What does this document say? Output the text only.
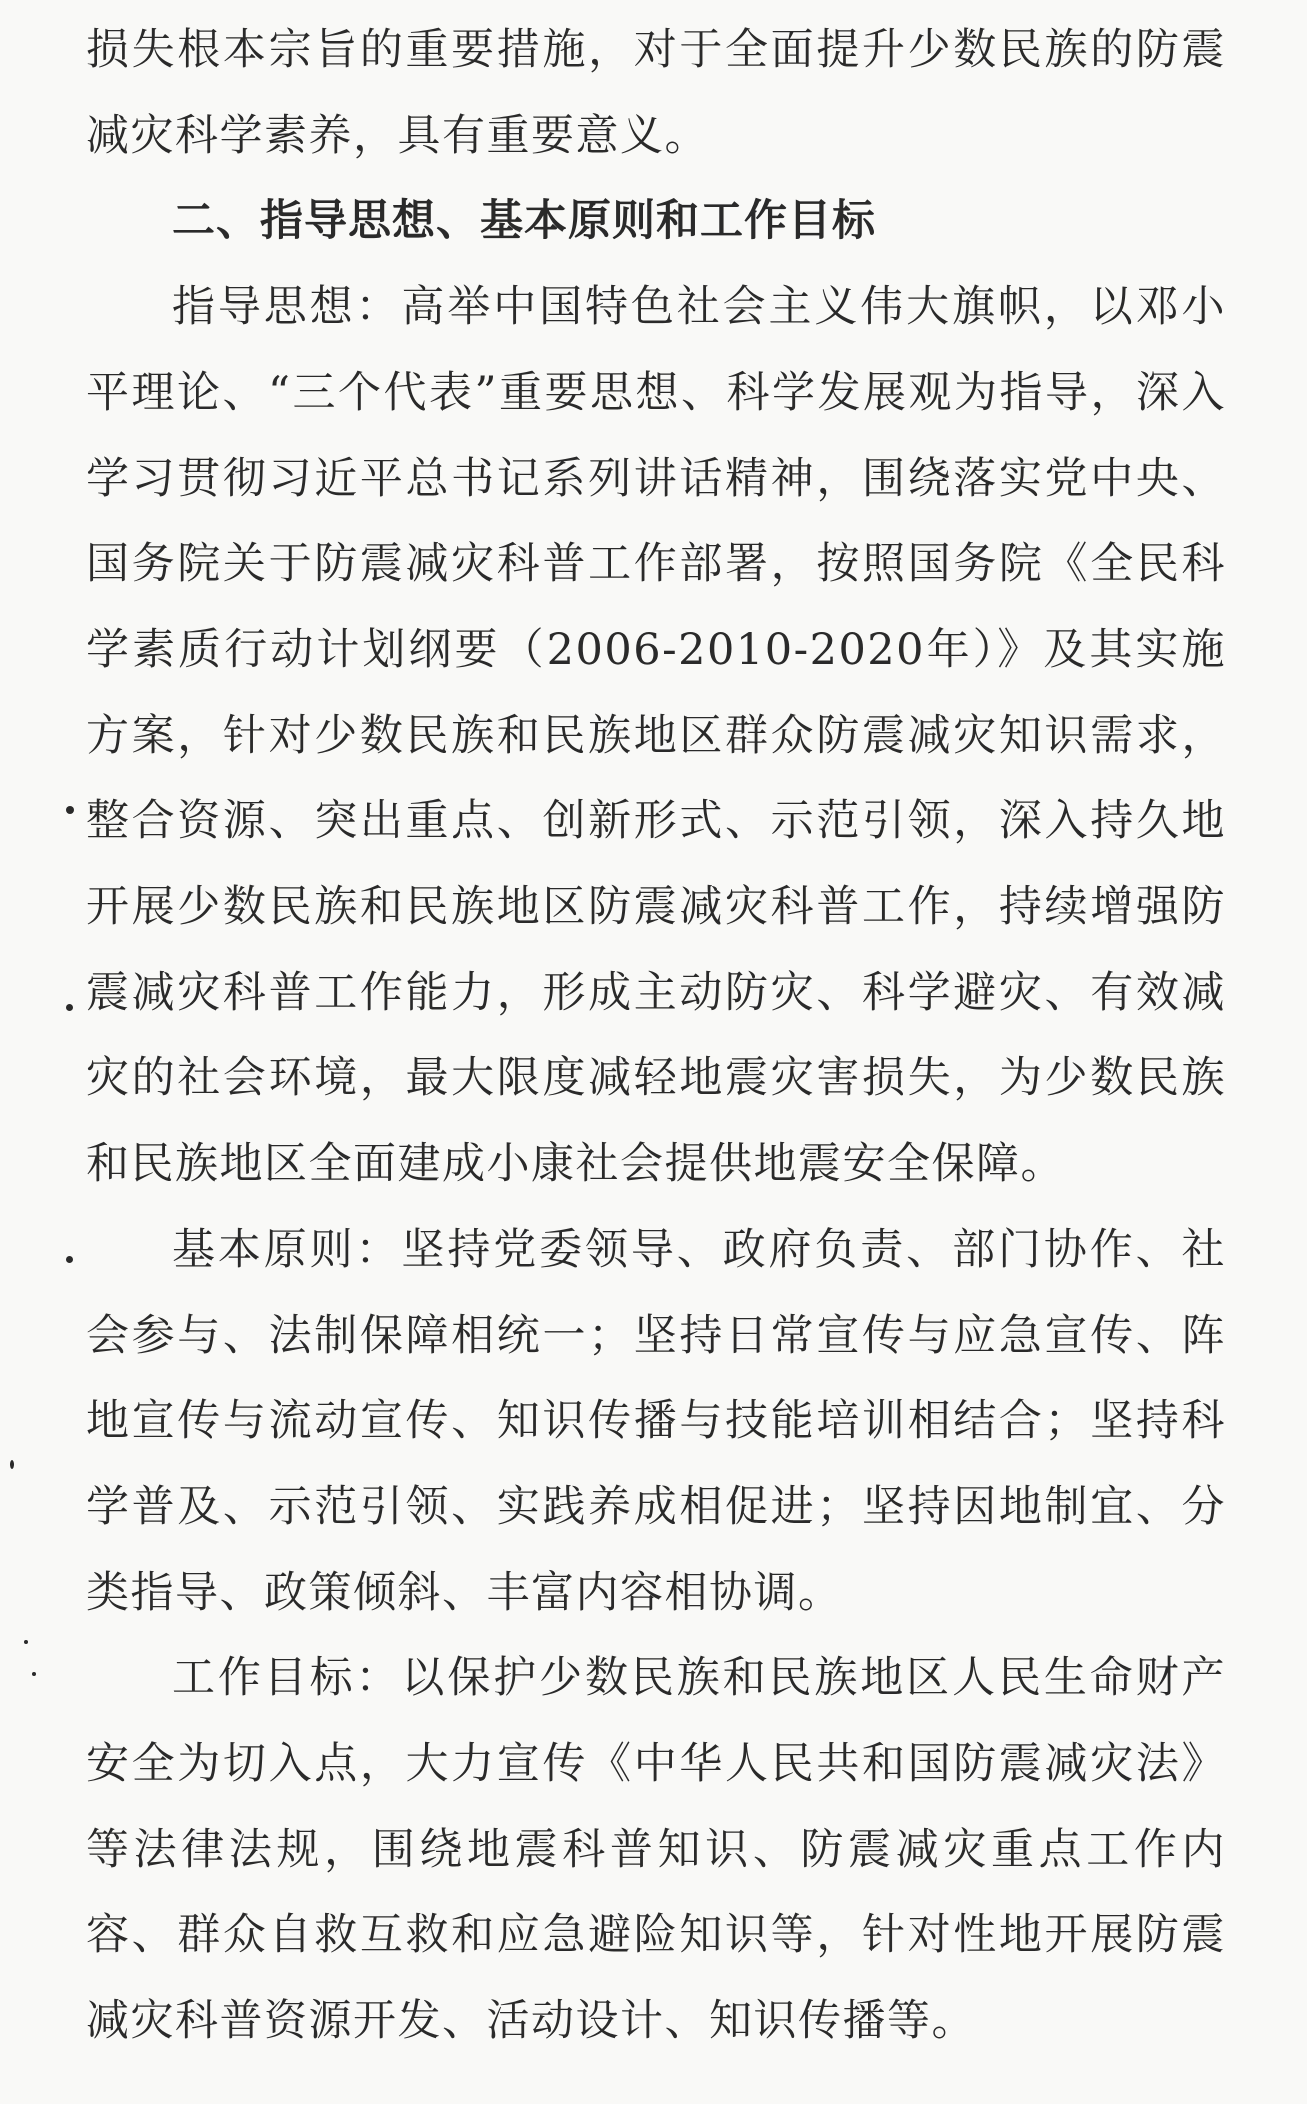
损失根本宗旨的重要措施，对于全面提升少数民族的防震减灾科学素养，具有重要意义。

二、指导思想、基本原则和工作目标

指导思想：高举中国特色社会主义伟大旗帜，以邓小平理论、“三个代表”重要思想、科学发展观为指导，深入学习贯彻习近平总书记系列讲话精神，围绕落实党中央、国务院关于防震减灾科普工作部署，按照国务院《全民科学素质行动计划纲要（2006-2010-2020年）》及其实施方案，针对少数民族和民族地区群众防震减灾知识需求，整合资源、突出重点、创新形式、示范引领，深入持久地开展少数民族和民族地区防震减灾科普工作，持续增强防震减灾科普工作能力，形成主动防灾、科学避灾、有效减灾的社会环境，最大限度减轻地震灾害损失，为少数民族和民族地区全面建成小康社会提供地震安全保障。

基本原则：坚持党委领导、政府负责、部门协作、社会参与、法制保障相统一；坚持日常宣传与应急宣传、阵地宣传与流动宣传、知识传播与技能培训相结合；坚持科学普及、示范引领、实践养成相促进；坚持因地制宜、分类指导、政策倾斜、丰富内容相协调。

工作目标：以保护少数民族和民族地区人民生命财产安全为切入点，大力宣传《中华人民共和国防震减灾法》等法律法规，围绕地震科普知识、防震减灾重点工作内容、群众自救互救和应急避险知识等，针对性地开展防震减灾科普资源开发、活动设计、知识传播等。
